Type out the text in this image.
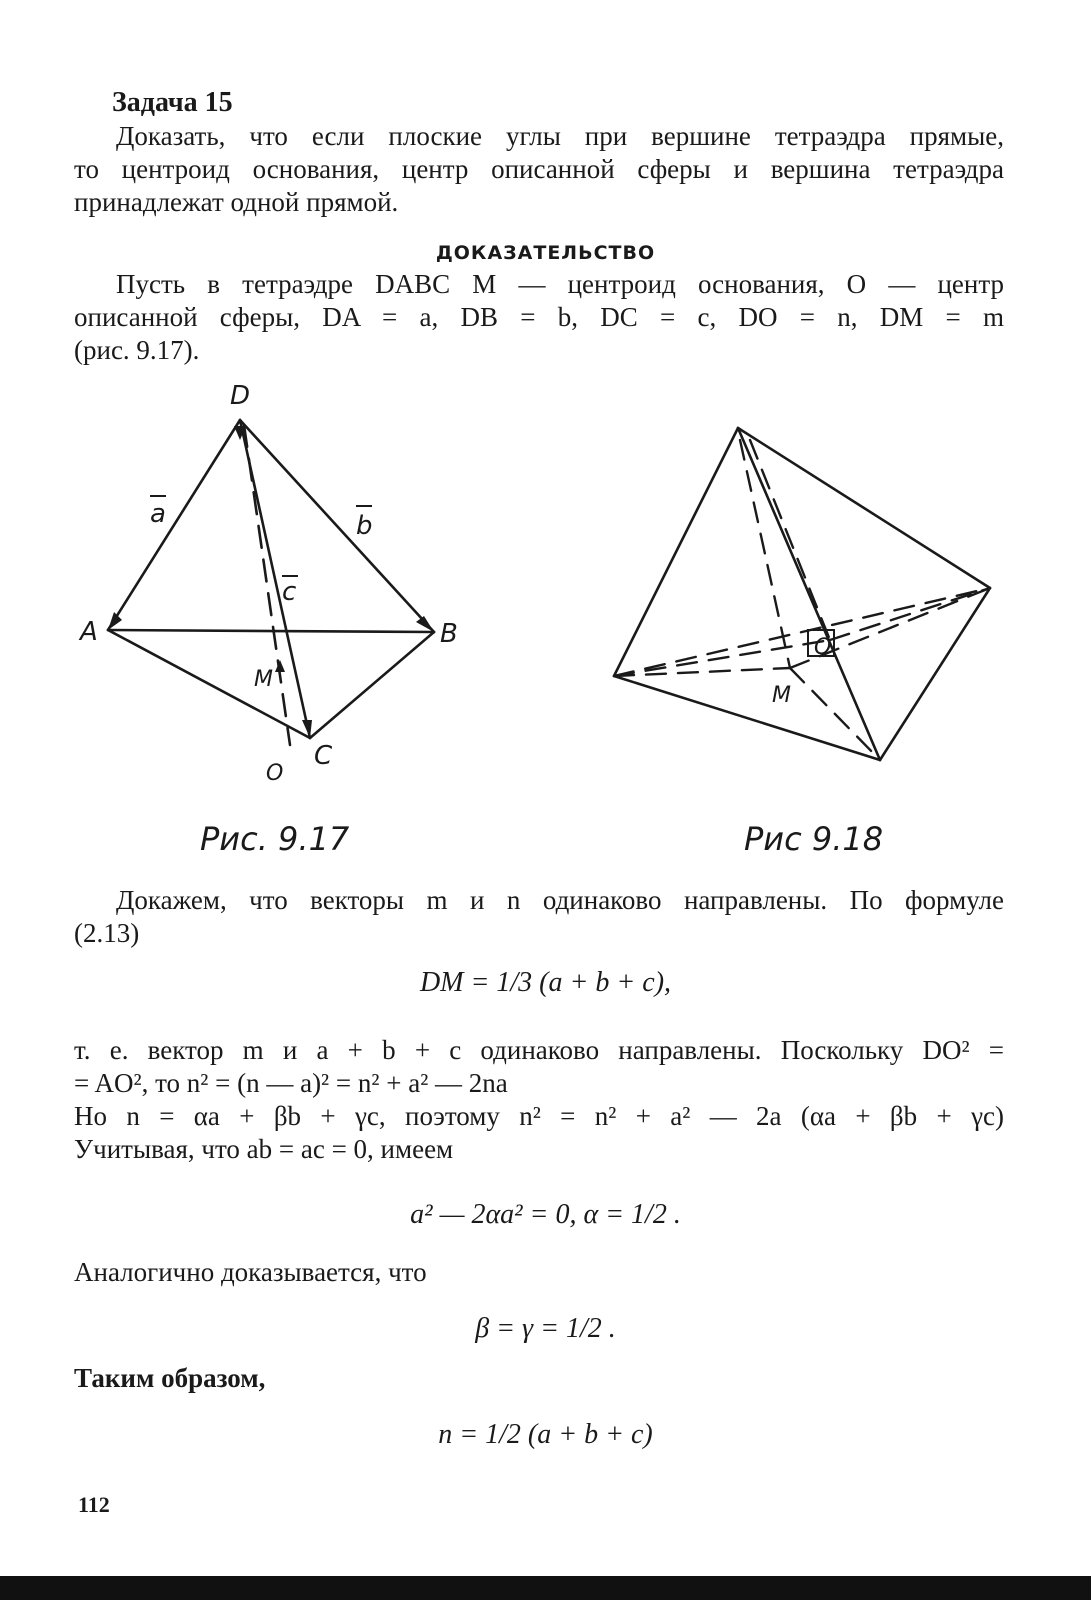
Задача 15
Доказать, что если плоские углы при вершине тетраэдра прямые,
то центроид основания, центр описанной сферы и вершина тетраэдра
принадлежат одной прямой.
ДОКАЗАТЕЛЬСТВО
Пусть в тетраэдре DABC M — центроид основания, O — центр
описанной сферы, DA = a, DB = b, DC = c, DO = n, DM = m
(рис. 9.17).
D
A	B
C
M
O
a	b
c
Рис. 9.17
M
O
Рис 9.18
Докажем, что векторы m и n одинаково направлены. По формуле
(2.13)
DM = 1/3 (a + b + c),
т. е. вектор m и a + b + c одинаково направлены. Поскольку DO² =
= AO², то n² = (n — a)² = n² + a² — 2na
Но n = αa + βb + γc, поэтому n² = n² + a² — 2a (αa + βb + γc)
Учитывая, что ab = ac = 0, имеем
a² — 2αa² = 0, α = 1/2 .
Аналогично доказывается, что
β = γ = 1/2 .
Таким образом,
n = 1/2 (a + b + c)
112
